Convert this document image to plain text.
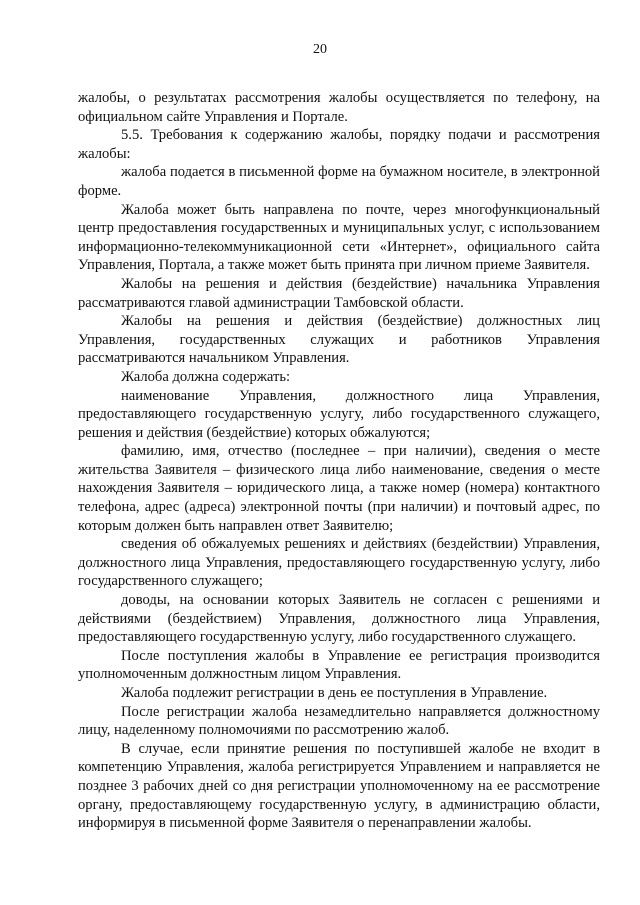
20

жалобы, о результатах рассмотрения жалобы осуществляется по телефону, на официальном сайте Управления и Портале.

5.5. Требования к содержанию жалобы, порядку подачи и рассмотрения жалобы:

жалоба подается в письменной форме на бумажном носителе, в электронной форме.

Жалоба может быть направлена по почте, через многофункциональный центр предоставления государственных и муниципальных услуг, с использованием информационно-телекоммуникационной сети «Интернет», официального сайта Управления, Портала, а также может быть принята при личном приеме Заявителя.

Жалобы на решения и действия (бездействие) начальника Управления рассматриваются главой администрации Тамбовской области.

Жалобы на решения и действия (бездействие) должностных лиц Управления, государственных служащих и работников Управления рассматриваются начальником Управления.

Жалоба должна содержать:

наименование Управления, должностного лица Управления, предоставляющего государственную услугу, либо государственного служащего, решения и действия (бездействие) которых обжалуются;

фамилию, имя, отчество (последнее – при наличии), сведения о месте жительства Заявителя – физического лица либо наименование, сведения о месте нахождения Заявителя – юридического лица, а также номер (номера) контактного телефона, адрес (адреса) электронной почты (при наличии) и почтовый адрес, по которым должен быть направлен ответ Заявителю;

сведения об обжалуемых решениях и действиях (бездействии) Управления, должностного лица Управления, предоставляющего государственную услугу, либо государственного служащего;

доводы, на основании которых Заявитель не согласен с решениями и действиями (бездействием) Управления, должностного лица Управления, предоставляющего государственную услугу, либо государственного служащего.

После поступления жалобы в Управление ее регистрация производится уполномоченным должностным лицом Управления.

Жалоба подлежит регистрации в день ее поступления в Управление.

После регистрации жалоба незамедлительно направляется должностному лицу, наделенному полномочиями по рассмотрению жалоб.

В случае, если принятие решения по поступившей жалобе не входит в компетенцию Управления, жалоба регистрируется Управлением и направляется не позднее 3 рабочих дней со дня регистрации уполномоченному на ее рассмотрение органу, предоставляющему государственную услугу, в администрацию области, информируя в письменной форме Заявителя о перенаправлении жалобы.
